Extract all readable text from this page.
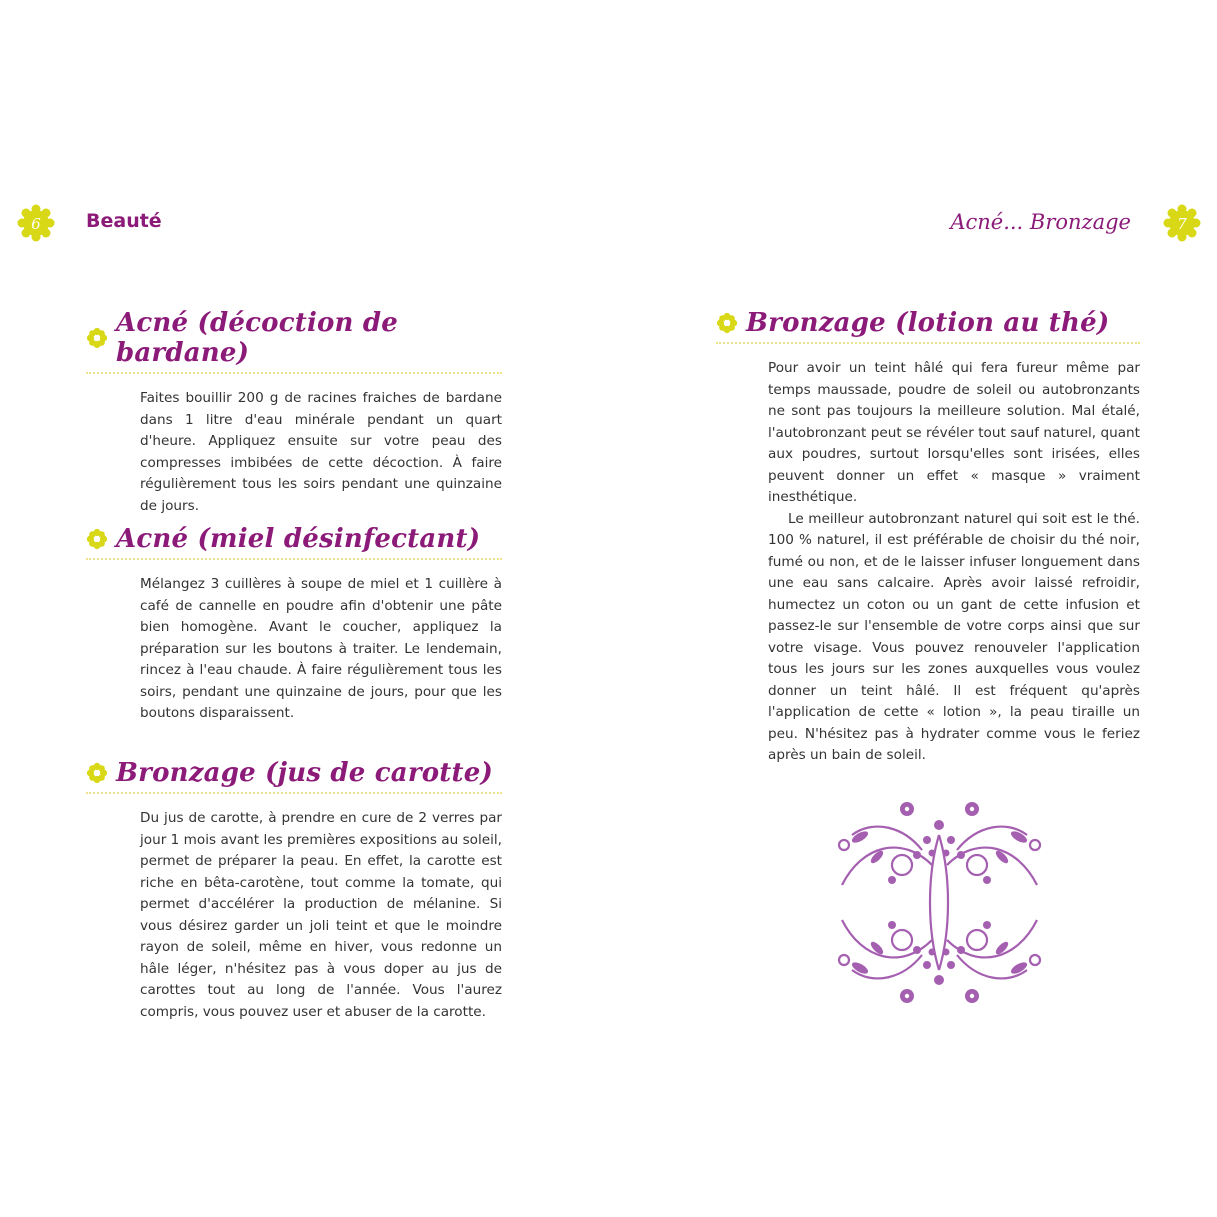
6 Beauté
Acné (décoction de bardane)

Faites bouillir 200 g de racines fraiches de bardane dans 1 litre d'eau minérale pendant un quart d'heure. Appliquez ensuite sur votre peau des compresses imbibées de cette décoction. À faire régulièrement tous les soirs pendant une quinzaine de jours.

Acné (miel désinfectant)

Mélangez 3 cuillères à soupe de miel et 1 cuillère à café de cannelle en poudre afin d'obtenir une pâte bien homogène. Avant le coucher, appliquez la préparation sur les boutons à traiter. Le lendemain, rincez à l'eau chaude. À faire régulièrement tous les soirs, pendant une quinzaine de jours, pour que les boutons disparaissent.

Bronzage (jus de carotte)

Du jus de carotte, à prendre en cure de 2 verres par jour 1 mois avant les premières expositions au soleil, permet de préparer la peau. En effet, la carotte est riche en bêta-carotène, tout comme la tomate, qui permet d'accélérer la production de mélanine. Si vous désirez garder un joli teint et que le moindre rayon de soleil, même en hiver, vous redonne un hâle léger, n'hésitez pas à vous doper au jus de carottes tout au long de l'année. Vous l'aurez compris, vous pouvez user et abuser de la carotte.

Acné... Bronzage	7
Bronzage (lotion au thé)

Pour avoir un teint hâlé qui fera fureur même par temps maussade, poudre de soleil ou autobronzants ne sont pas toujours la meilleure solution. Mal étalé, l'autobronzant peut se révéler tout sauf naturel, quant aux poudres, surtout lorsqu'elles sont irisées, elles peuvent donner un effet « masque » vraiment inesthétique.

Le meilleur autobronzant naturel qui soit est le thé. 100 % naturel, il est préférable de choisir du thé noir, fumé ou non, et de le laisser infuser longuement dans une eau sans calcaire. Après avoir laissé refroidir, humectez un coton ou un gant de cette infusion et passez-le sur l'ensemble de votre corps ainsi que sur votre visage. Vous pouvez renouveler l'application tous les jours sur les zones auxquelles vous voulez donner un teint hâlé. Il est fréquent qu'après l'application de cette « lotion », la peau tiraille un peu. N'hésitez pas à hydrater comme vous le feriez après un bain de soleil.
